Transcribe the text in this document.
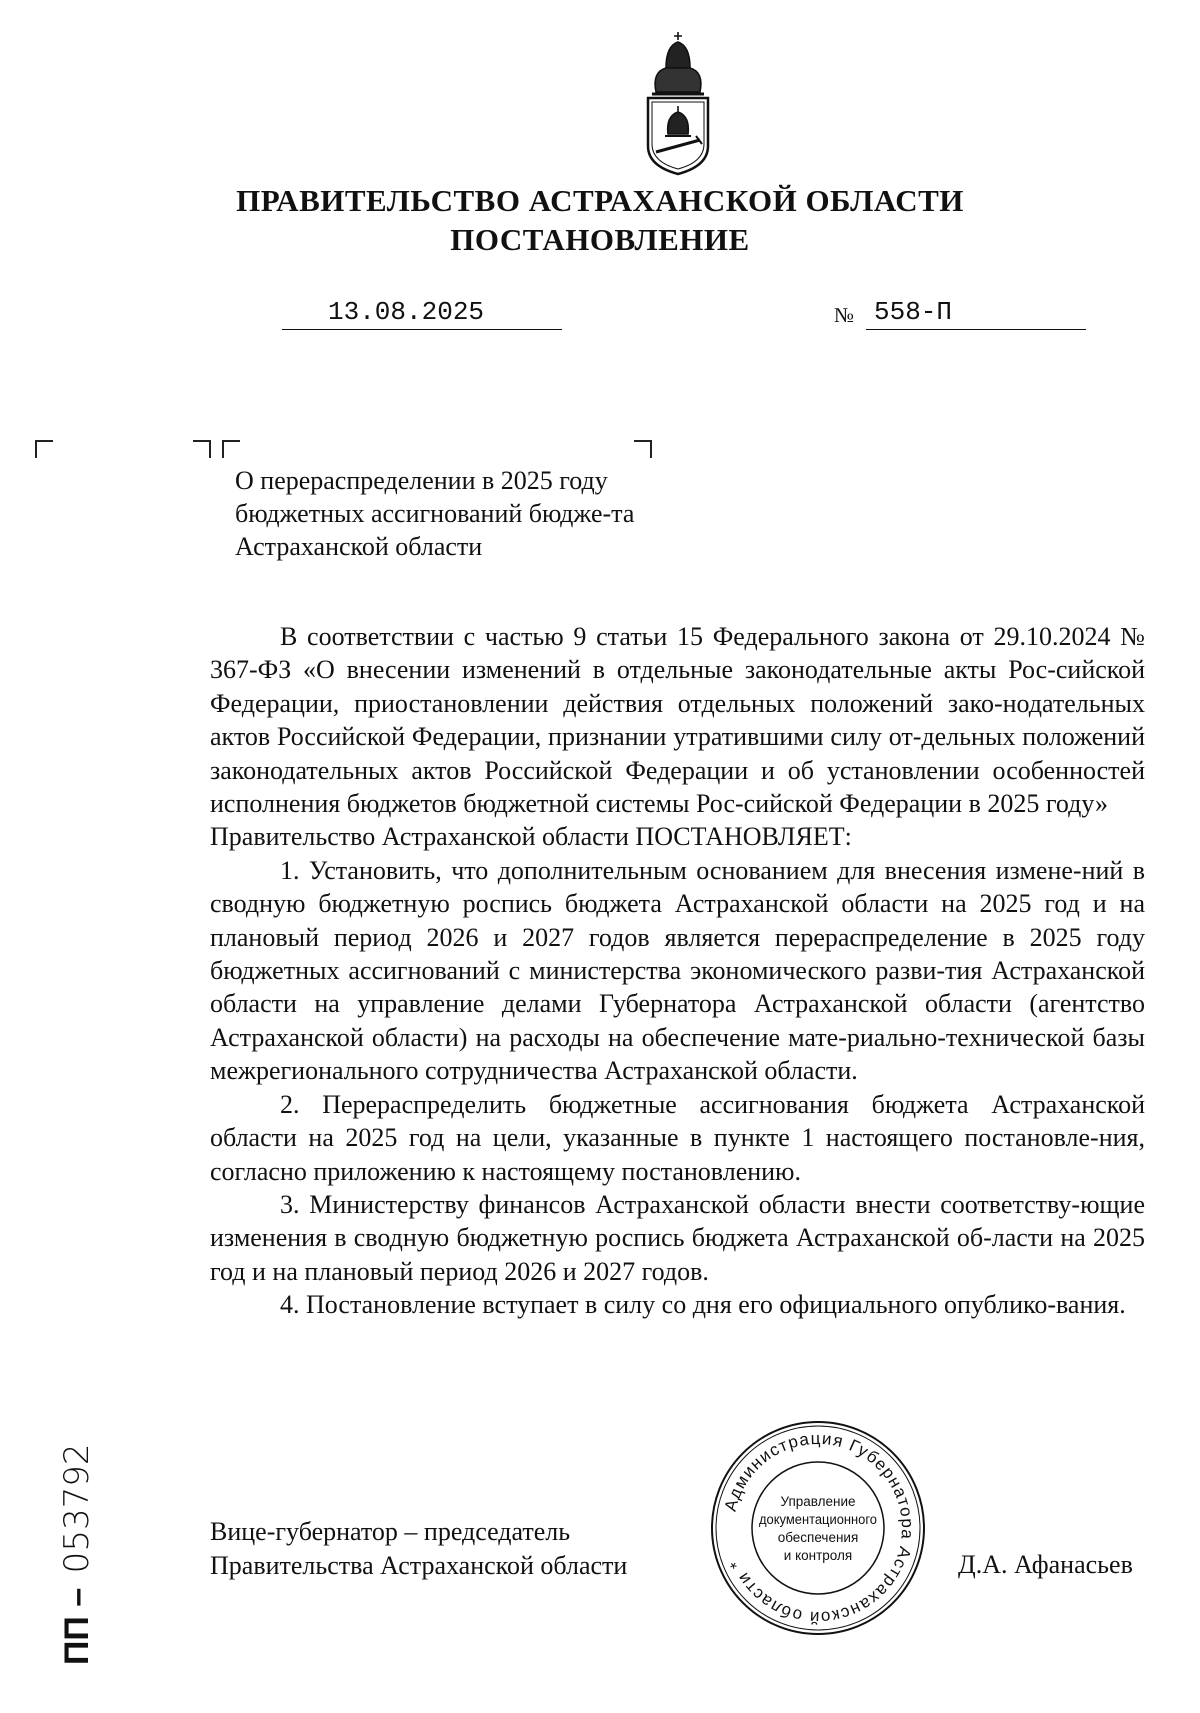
ПРАВИТЕЛЬСТВО АСТРАХАНСКОЙ ОБЛАСТИ
ПОСТАНОВЛЕНИЕ
13.08.2025	№ 558-П
О перераспределении в 2025 году бюджетных ассигнований бюдже-та Астраханской области

В соответствии с частью 9 статьи 15 Федерального закона от 29.10.2024 № 367-ФЗ «О внесении изменений в отдельные законодательные акты Рос-сийской Федерации, приостановлении действия отдельных положений зако-нодательных актов Российской Федерации, признании утратившими силу от-дельных положений законодательных актов Российской Федерации и об установлении особенностей исполнения бюджетов бюджетной системы Рос-сийской Федерации в 2025 году»

Правительство Астраханской области ПОСТАНОВЛЯЕТ:

1. Установить, что дополнительным основанием для внесения измене-ний в сводную бюджетную роспись бюджета Астраханской области на 2025 год и на плановый период 2026 и 2027 годов является перераспределение в 2025 году бюджетных ассигнований с министерства экономического разви-тия Астраханской области на управление делами Губернатора Астраханской области (агентство Астраханской области) на расходы на обеспечение мате-риально-технической базы межрегионального сотрудничества Астраханской области.

2. Перераспределить бюджетные ассигнования бюджета Астраханской области на 2025 год на цели, указанные в пункте 1 настоящего постановле-ния, согласно приложению к настоящему постановлению.

3. Министерству финансов Астраханской области внести соответству-ющие изменения в сводную бюджетную роспись бюджета Астраханской об-ласти на 2025 год и на плановый период 2026 и 2027 годов.

4. Постановление вступает в силу со дня его официального опублико-вания.

Вице-губернатор – председатель
Правительства Астраханской области	Д.А. Афанасьев
Администрация Губернатора Астраханской области *
Управление
документационного
обеспечения
и контроля
ПП – 053792
